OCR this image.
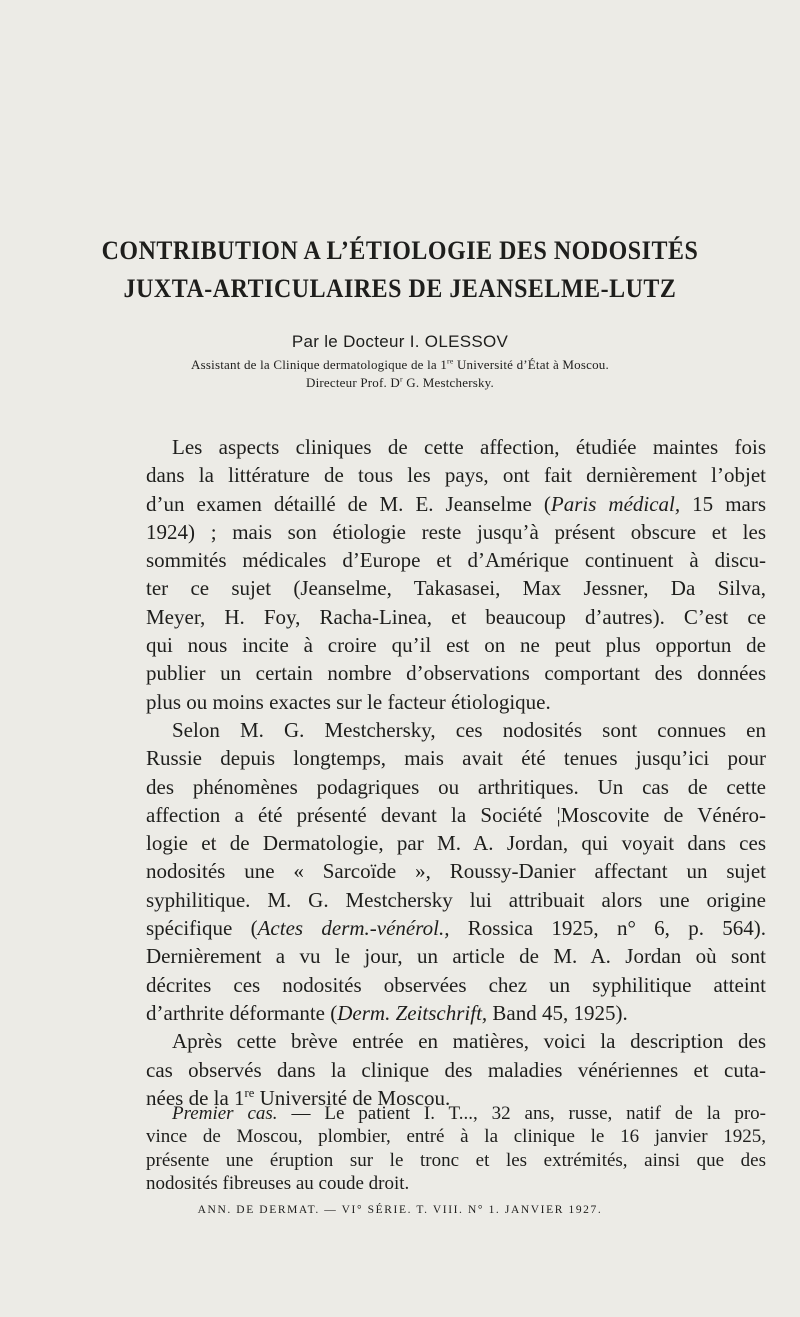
CONTRIBUTION A L’ÉTIOLOGIE DES NODOSITÉS
JUXTA-ARTICULAIRES DE JEANSELME-LUTZ
Par le Docteur I. OLESSOV
Assistant de la Clinique dermatologique de la 1re Université d’État à Moscou.
Directeur Prof. $D^r$ G. Mestchersky.
Les aspects cliniques de cette affection, étudiée maintes fois
dans la littérature de tous les pays, ont fait dernièrement l’objet
d’un examen détaillé de M. E. Jeanselme (Paris médical, 15 mars
1924) ; mais son étiologie reste jusqu’à présent obscure et les
sommités médicales d’Europe et d’Amérique continuent à discu-
ter ce sujet (Jeanselme, Takasasei, Max Jessner, Da Silva,
Meyer, H. Foy, Racha-Linea, et beaucoup d’autres). C’est ce
qui nous incite à croire qu’il est on ne peut plus opportun de
publier un certain nombre d’observations comportant des données
plus ou moins exactes sur le facteur étiologique.
Selon M. G. Mestchersky, ces nodosités sont connues en
Russie depuis longtemps, mais avait été tenues jusqu’ici pour
des phénomènes podagriques ou arthritiques. Un cas de cette
affection a été présenté devant la Société ¦Moscovite de Vénéro-
logie et de Dermatologie, par M. A. Jordan, qui voyait dans ces
nodosités une « Sarcoïde », Roussy-Danier affectant un sujet
syphilitique. M. G. Mestchersky lui attribuait alors une origine
spécifique (Actes derm.-vénérol., Rossica 1925, n° 6, p. 564).
Dernièrement a vu le jour, un article de M. A. Jordan où sont
décrites ces nodosités observées chez un syphilitique atteint
d’arthrite déformante (Derm. Zeitschrift, Band 45, 1925).
Après cette brève entrée en matières, voici la description des
cas observés dans la clinique des maladies vénériennes et cuta-
nées de la 1re Université de Moscou.
Premier cas. — Le patient I. T..., 32 ans, russe, natif de la pro-
vince de Moscou, plombier, entré à la clinique le 16 janvier 1925,
présente une éruption sur le tronc et les extrémités, ainsi que des
nodosités fibreuses au coude droit.
ANN. DE DERMAT. — VI° SÉRIE. T. VIII. N° 1. JANVIER 1927.
